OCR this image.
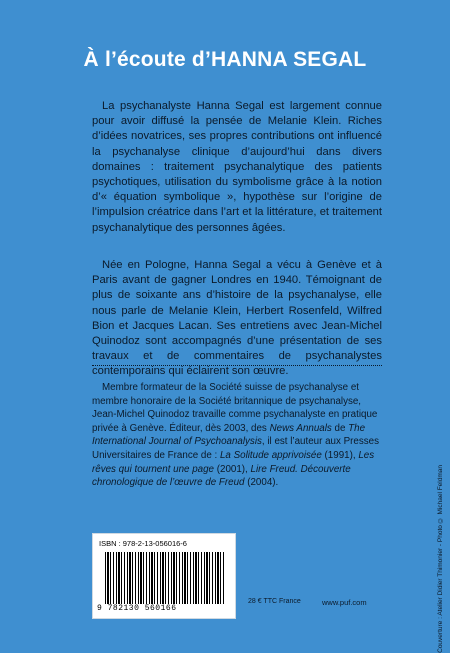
À l’écoute d’HANNA SEGAL

La psychanalyste Hanna Segal est largement connue pour avoir diffusé la pensée de Melanie Klein. Riches d’idées novatrices, ses propres contributions ont influencé la psychanalyse clinique d’aujourd’hui dans divers domaines : traitement psychanalytique des patients psychotiques, utilisation du symbolisme grâce à la notion d’« équation symbolique », hypothèse sur l’origine de l’impulsion créatrice dans l’art et la littérature, et traitement psychanalytique des personnes âgées.

Née en Pologne, Hanna Segal a vécu à Genève et à Paris avant de gagner Londres en 1940. Témoignant de plus de soixante ans d’histoire de la psychanalyse, elle nous parle de Melanie Klein, Herbert Rosenfeld, Wilfred Bion et Jacques Lacan. Ses entretiens avec Jean-Michel Quinodoz sont accompagnés d’une présentation de ses travaux et de commentaires de psychanalystes contemporains qui éclairent son œuvre.

Membre formateur de la Société suisse de psychanalyse et membre honoraire de la Société britannique de psychanalyse, Jean-Michel Quinodoz travaille comme psychanalyste en pratique privée à Genève. Éditeur, dès 2003, des News Annuals de The International Journal of Psychoanalysis, il est l’auteur aux Presses Universitaires de France de : La Solitude apprivoisée (1991), Les rêves qui tournent une page (2001), Lire Freud. Découverte chronologique de l’œuvre de Freud (2004).	Couverture : Atelier Didier Thimonier - Photo © Michael Feldman
ISBN : 978-2-13-056016-6
9 782130 560166
28 € TTC France	www.puf.com
